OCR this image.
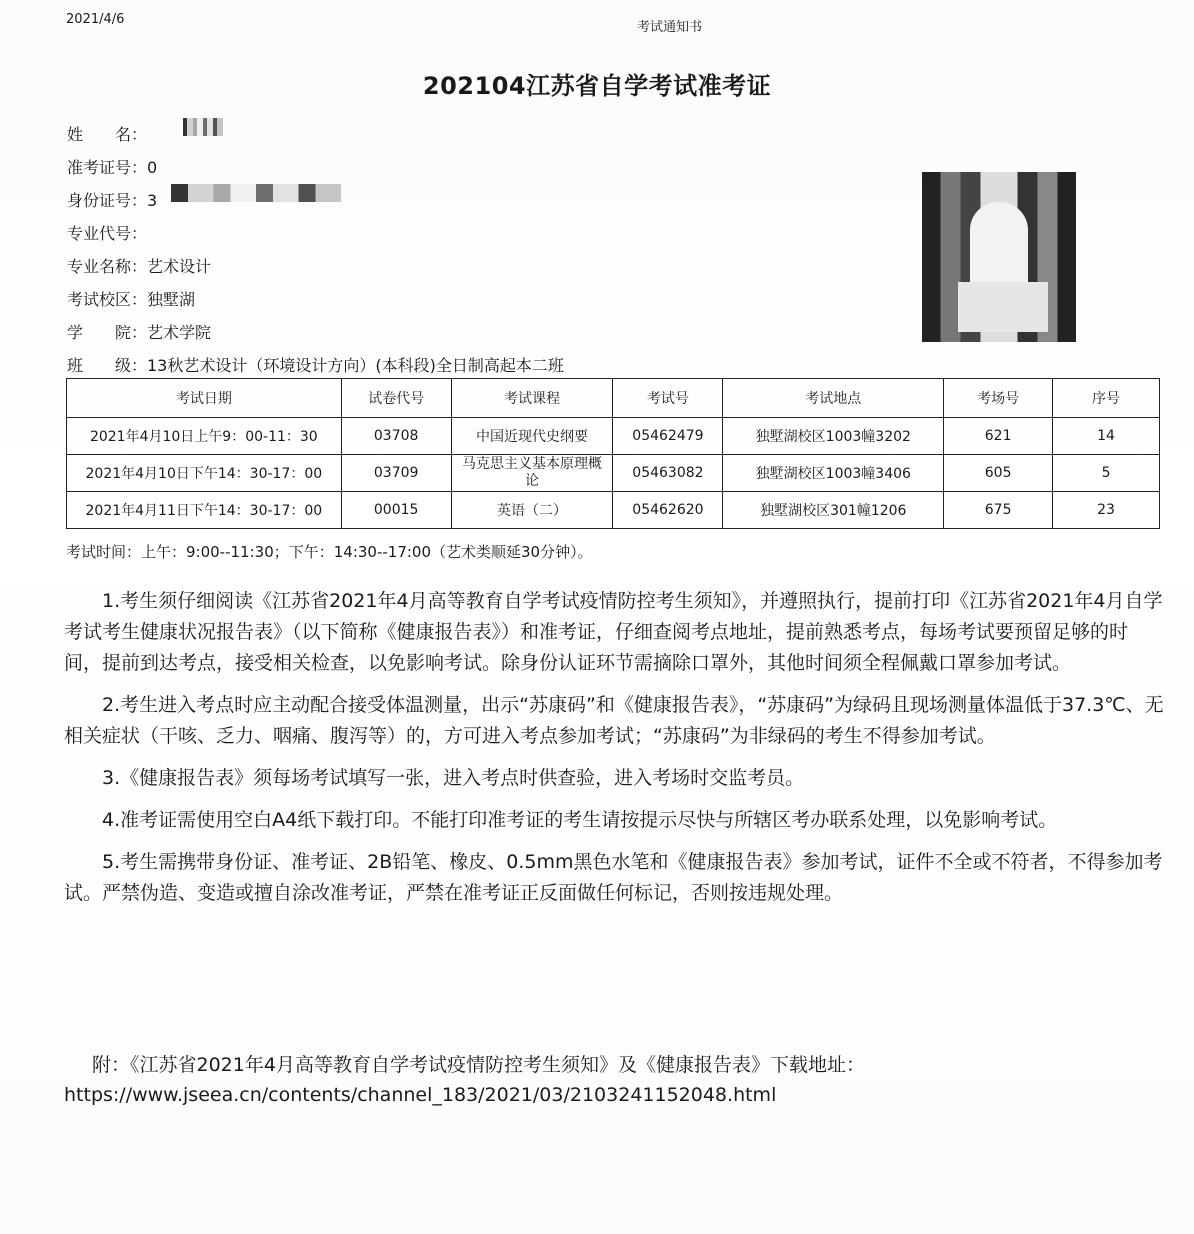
2021/4/6
考试通知书
202104江苏省自学考试准考证
姓　　名：
准考证号： 0
身份证号： 3
专业代号：
专业名称： 艺术设计
考试校区： 独墅湖
学　　院： 艺术学院
班　　级： 13秋艺术设计（环境设计方向）(本科段)全日制高起本二班
考试日期	试卷代号	考试课程	考试号	考试地点	考场号	序号
2021年4月10日上午9：00-11：30	03708	中国近现代史纲要	05462479	独墅湖校区1003幢3202	621	14
2021年4月10日下午14：30-17：00	03709	马克思主义基本原理概论	05463082	独墅湖校区1003幢3406	605	5
2021年4月11日下午14：30-17：00	00015	英语（二）	05462620	独墅湖校区301幢1206	675	23
考试时间：上午：9:00--11:30；下午：14:30--17:00（艺术类顺延30分钟）。

1.考生须仔细阅读《江苏省2021年4月高等教育自学考试疫情防控考生须知》，并遵照执行，提前打印《江苏省2021年4月自学考试考生健康状况报告表》（以下简称《健康报告表》）和准考证，仔细查阅考点地址，提前熟悉考点，每场考试要预留足够的时间，提前到达考点，接受相关检查，以免影响考试。除身份认证环节需摘除口罩外，其他时间须全程佩戴口罩参加考试。

2.考生进入考点时应主动配合接受体温测量，出示“苏康码”和《健康报告表》，“苏康码”为绿码且现场测量体温低于37.3℃、无相关症状（干咳、乏力、咽痛、腹泻等）的，方可进入考点参加考试；“苏康码”为非绿码的考生不得参加考试。

3.《健康报告表》须每场考试填写一张，进入考点时供查验，进入考场时交监考员。

4.准考证需使用空白A4纸下载打印。不能打印准考证的考生请按提示尽快与所辖区考办联系处理，以免影响考试。

5.考生需携带身份证、准考证、2B铅笔、橡皮、0.5mm黑色水笔和《健康报告表》参加考试，证件不全或不符者，不得参加考试。严禁伪造、变造或擅自涂改准考证，严禁在准考证正反面做任何标记，否则按违规处理。

附：《江苏省2021年4月高等教育自学考试疫情防控考生须知》及《健康报告表》下载地址：
https://www.jseea.cn/contents/channel_183/2021/03/2103241152048.html
